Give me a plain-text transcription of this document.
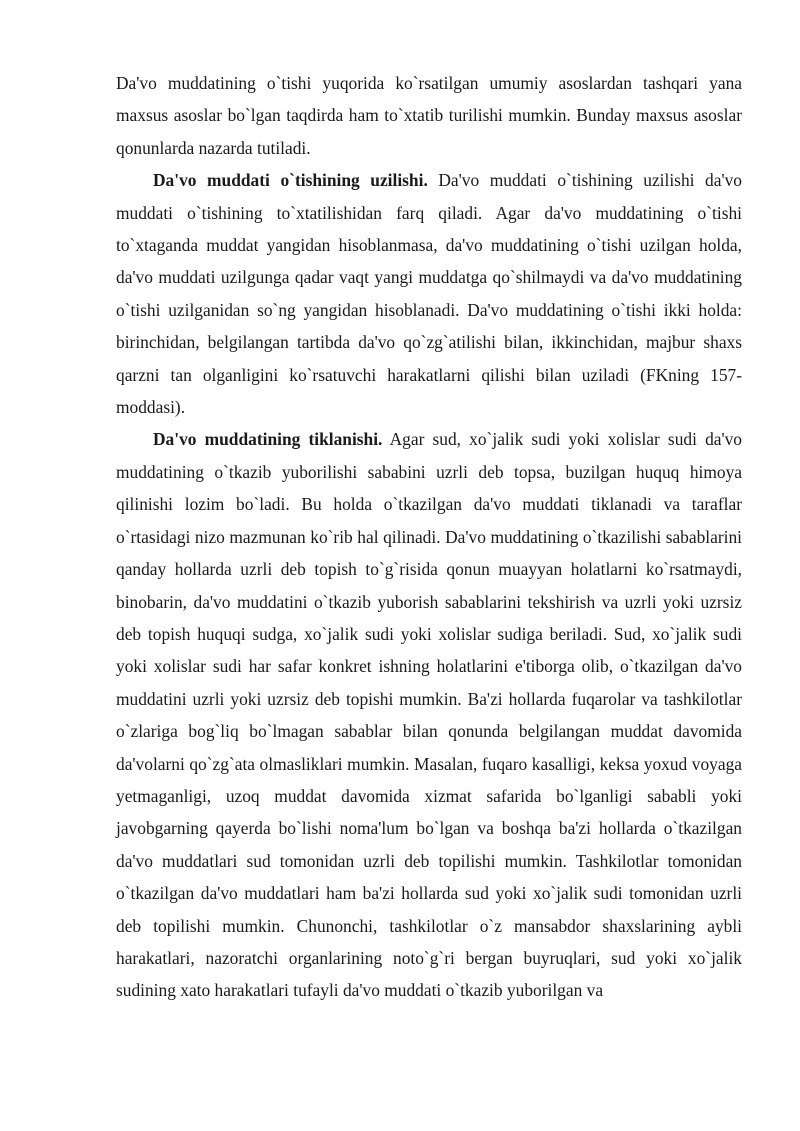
Da'vo muddatining o`tishi yuqorida ko`rsatilgan umumiy asoslardan tashqari yana maxsus asoslar bo`lgan taqdirda ham to`xtatib turilishi mumkin. Bunday maxsus asoslar qonunlarda nazarda tutiladi.

Da'vo muddati o`tishining uzilishi. Da'vo muddati o`tishining uzilishi da'vo muddati o`tishining to`xtatilishidan farq qiladi. Agar da'vo muddatining o`tishi to`xtaganda muddat yangidan hisoblanmasa, da'vo muddatining o`tishi uzilgan holda, da'vo muddati uzilgunga qadar vaqt yangi muddatga qo`shilmaydi va da'vo muddatining o`tishi uzilganidan so`ng yangidan hisoblanadi. Da'vo muddatining o`tishi ikki holda: birinchidan, belgilangan tartibda da'vo qo`zg`atilishi bilan, ikkinchidan, majbur shaxs qarzni tan olganligini ko`rsatuvchi harakatlarni qilishi bilan uziladi (FKning 157-moddasi).

Da'vo muddatining tiklanishi. Agar sud, xo`jalik sudi yoki xolislar sudi da'vo muddatining o`tkazib yuborilishi sababini uzrli deb topsa, buzilgan huquq himoya qilinishi lozim bo`ladi. Bu holda o`tkazilgan da'vo muddati tiklanadi va taraflar o`rtasidagi nizo mazmunan ko`rib hal qilinadi. Da'vo muddatining o`tkazilishi sabablarini qanday hollarda uzrli deb topish to`g`risida qonun muayyan holatlarni ko`rsatmaydi, binobarin, da'vo muddatini o`tkazib yuborish sabablarini tekshirish va uzrli yoki uzrsiz deb topish huquqi sudga, xo`jalik sudi yoki xolislar sudiga beriladi. Sud, xo`jalik sudi yoki xolislar sudi har safar konkret ishning holatlarini e'tiborga olib, o`tkazilgan da'vo muddatini uzrli yoki uzrsiz deb topishi mumkin. Ba'zi hollarda fuqarolar va tashkilotlar o`zlariga bog`liq bo`lmagan sabablar bilan qonunda belgilangan muddat davomida da'volarni qo`zg`ata olmasliklari mumkin. Masalan, fuqaro kasalligi, keksa yoxud voyaga yetmaganligi, uzoq muddat davomida xizmat safarida bo`lganligi sababli yoki javobgarning qayerda bo`lishi noma'lum bo`lgan va boshqa ba'zi hollarda o`tkazilgan da'vo muddatlari sud tomonidan uzrli deb topilishi mumkin. Tashkilotlar tomonidan o`tkazilgan da'vo muddatlari ham ba'zi hollarda sud yoki xo`jalik sudi tomonidan uzrli deb topilishi mumkin. Chunonchi, tashkilotlar o`z mansabdor shaxslarining aybli harakatlari, nazoratchi organlarining noto`g`ri bergan buyruqlari, sud yoki xo`jalik sudining xato harakatlari tufayli da'vo muddati o`tkazib yuborilgan va
